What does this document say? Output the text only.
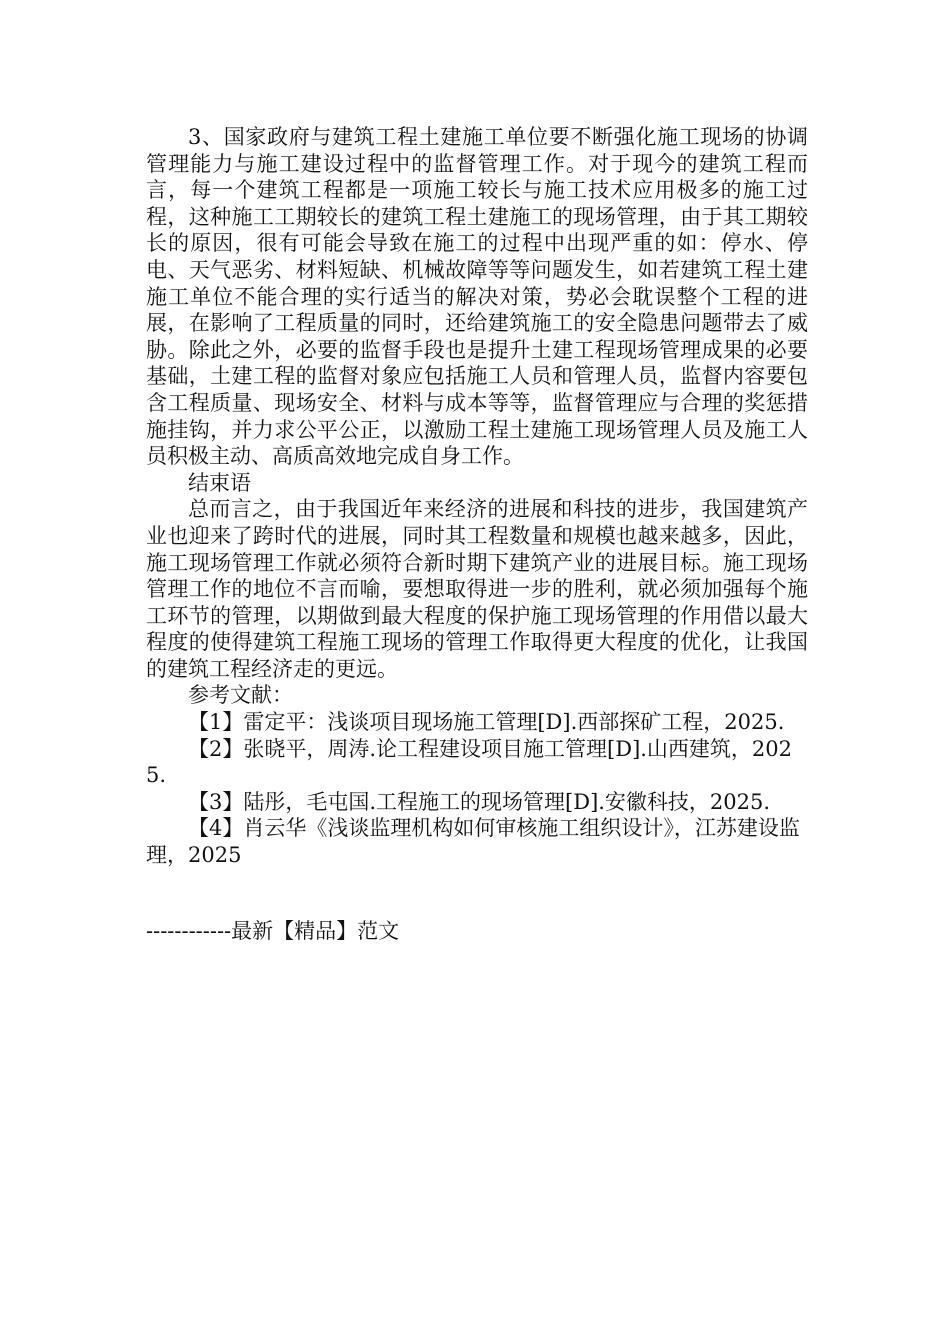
3、国家政府与建筑工程土建施工单位要不断强化施工现场的协调管理能力与施工建设过程中的监督管理工作。对于现今的建筑工程而言，每一个建筑工程都是一项施工较长与施工技术应用极多的施工过程，这种施工工期较长的建筑工程土建施工的现场管理，由于其工期较长的原因，很有可能会导致在施工的过程中出现严重的如：停水、停电、天气恶劣、材料短缺、机械故障等等问题发生，如若建筑工程土建施工单位不能合理的实行适当的解决对策，势必会耽误整个工程的进展，在影响了工程质量的同时，还给建筑施工的安全隐患问题带去了威胁。除此之外，必要的监督手段也是提升土建工程现场管理成果的必要基础，土建工程的监督对象应包括施工人员和管理人员，监督内容要包含工程质量、现场安全、材料与成本等等，监督管理应与合理的奖惩措施挂钩，并力求公平公正，以激励工程土建施工现场管理人员及施工人员积极主动、高质高效地完成自身工作。

结束语

总而言之，由于我国近年来经济的进展和科技的进步，我国建筑产业也迎来了跨时代的进展，同时其工程数量和规模也越来越多，因此，施工现场管理工作就必须符合新时期下建筑产业的进展目标。施工现场管理工作的地位不言而喻，要想取得进一步的胜利，就必须加强每个施工环节的管理，以期做到最大程度的保护施工现场管理的作用借以最大程度的使得建筑工程施工现场的管理工作取得更大程度的优化，让我国的建筑工程经济走的更远。

参考文献：

【1】雷定平：浅谈项目现场施工管理[D].西部探矿工程，2025.

【2】张晓平，周涛.论工程建设项目施工管理[D].山西建筑，2025.

【3】陆彤，毛屯国.工程施工的现场管理[D].安徽科技，2025.

【4】肖云华《浅谈监理机构如何审核施工组织设计》，江苏建设监理，2025

------------最新【精品】范文
